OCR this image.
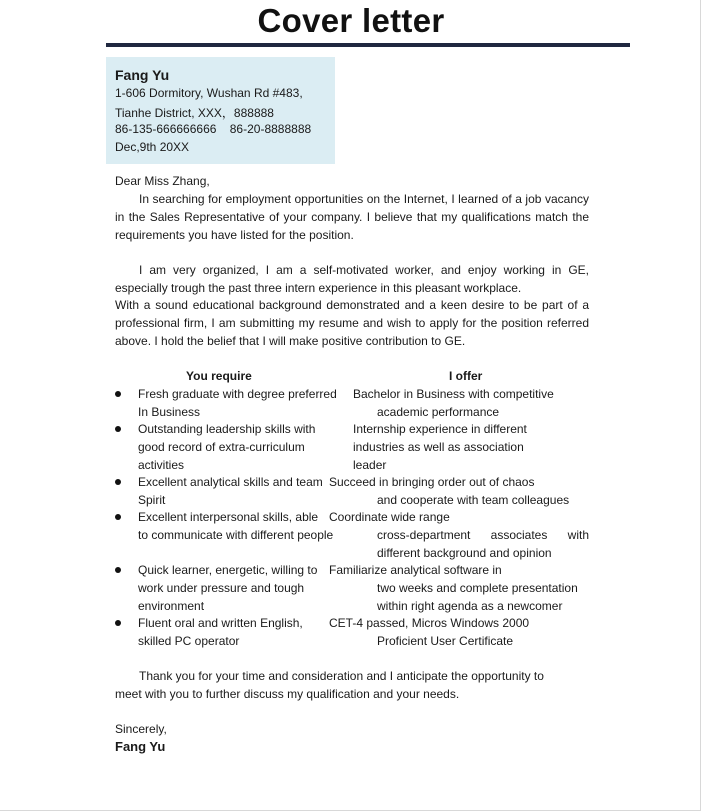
Cover letter
Fang Yu
1-606 Dormitory, Wushan Rd #483,
Tianhe District, XXX，888888
86-135-666666666    86-20-8888888
Dec,9th 20XX
Dear Miss Zhang,
In searching for employment opportunities on the Internet, I learned of a job vacancy
in the Sales Representative of your company. I believe that my qualifications match the
requirements you have listed for the position.
I am very organized, I am a self-motivated worker, and enjoy working in GE,
especially trough the past three intern experience in this pleasant workplace.
With a sound educational background demonstrated and a keen desire to be part of a
professional firm, I am submitting my resume and wish to apply for the position referred
above. I hold the belief that I will make positive contribution to GE.
You require	I offer
Fresh graduate with degree preferred
In Business
Bachelor in Business with competitive
academic performance
Outstanding leadership skills with
good record of extra-curriculum
activities
Internship experience in different
industries as well as association
leader
Excellent analytical skills and team
Spirit
Succeed in bringing order out of chaos
and cooperate with team colleagues
Excellent interpersonal skills, able
to communicate with different people
Coordinate wide range
cross-department associates with
different background and opinion
Quick learner, energetic, willing to
work under pressure and tough
environment
Familiarize analytical software in
two weeks and complete presentation
within right agenda as a newcomer
Fluent oral and written English,
skilled PC operator
CET-4 passed, Micros Windows 2000
Proficient User Certificate
Thank you for your time and consideration and I anticipate the opportunity to
meet with you to further discuss my qualification and your needs.
Sincerely,
Fang Yu
